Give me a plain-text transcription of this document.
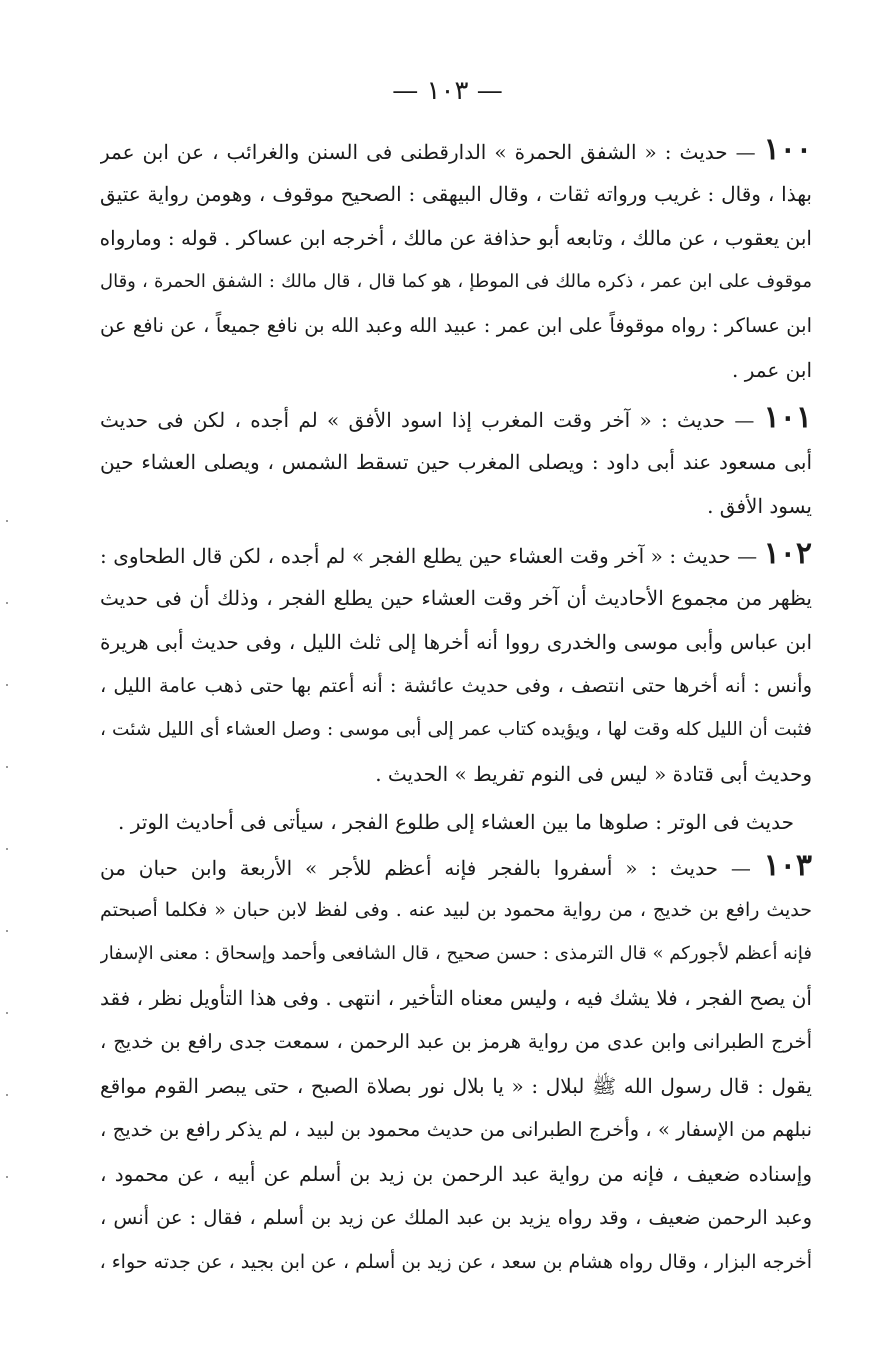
— ١٠٣ —
١٠٠ — حديث : « الشفق الحمرة » الدارقطنى فى السنن والغرائب ، عن ابن عمر
بهذا ، وقال : غريب ورواته ثقات ، وقال البيهقى : الصحيح موقوف ، وهومن رواية عتيق
ابن يعقوب ، عن مالك ، وتابعه أبو حذافة عن مالك ، أخرجه ابن عساكر . قوله : ومارواه
موقوف على ابن عمر ، ذكره مالك فى الموطإ ، هو كما قال ، قال مالك : الشفق الحمرة ، وقال
ابن عساكر : رواه موقوفاً على ابن عمر : عبيد الله وعبد الله بن نافع جميعاً ، عن نافع عن
ابن عمر .
١٠١ — حديث : « آخر وقت المغرب إذا اسود الأفق » لم أجده ، لكن فى حديث
أبى مسعود عند أبى داود : ويصلى المغرب حين تسقط الشمس ، ويصلى العشاء حين
يسود الأفق .
١٠٢ — حديث : « آخر وقت العشاء حين يطلع الفجر » لم أجده ، لكن قال الطحاوى :
يظهر من مجموع الأحاديث أن آخر وقت العشاء حين يطلع الفجر ، وذلك أن فى حديث
ابن عباس وأبى موسى والخدرى رووا أنه أخرها إلى ثلث الليل ، وفى حديث أبى هريرة
وأنس : أنه أخرها حتى انتصف ، وفى حديث عائشة : أنه أعتم بها حتى ذهب عامة الليل ،
فثبت أن الليل كله وقت لها ، ويؤيده كتاب عمر إلى أبى موسى : وصل العشاء أى الليل شئت ،
وحديث أبى قتادة « ليس فى النوم تفريط » الحديث .
حديث فى الوتر : صلوها ما بين العشاء إلى طلوع الفجر ، سيأتى فى أحاديث الوتر .
١٠٣ — حديث : « أسفروا بالفجر فإنه أعظم للأجر » الأربعة وابن حبان من
حديث رافع بن خديج ، من رواية محمود بن لبيد عنه . وفى لفظ لابن حبان « فكلما أصبحتم
فإنه أعظم لأجوركم » قال الترمذى : حسن صحيح ، قال الشافعى وأحمد وإسحاق : معنى الإسفار
أن يصح الفجر ، فلا يشك فيه ، وليس معناه التأخير ، انتهى . وفى هذا التأويل نظر ، فقد
أخرج الطبرانى وابن عدى من رواية هرمز بن عبد الرحمن ، سمعت جدى رافع بن خديج ،
يقول : قال رسول الله ﷺ لبلال : « يا بلال نور بصلاة الصبح ، حتى يبصر القوم مواقع
نبلهم من الإسفار » ، وأخرج الطبرانى من حديث محمود بن لبيد ، لم يذكر رافع بن خديج ،
وإسناده ضعيف ، فإنه من رواية عبد الرحمن بن زيد بن أسلم عن أبيه ، عن محمود ،
وعبد الرحمن ضعيف ، وقد رواه يزيد بن عبد الملك عن زيد بن أسلم ، فقال : عن أنس ،
أخرجه البزار ، وقال رواه هشام بن سعد ، عن زيد بن أسلم ، عن ابن بجيد ، عن جدته حواء ،
